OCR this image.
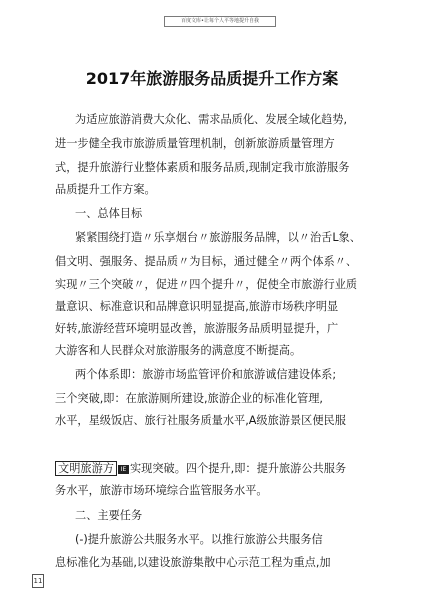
百度文库•让每个人平等地提升自我
2017年旅游服务品质提升工作方案
为适应旅游消费大众化、需求品质化、发展全域化趋势,
进一步健全我市旅游质量管理机制，创新旅游质量管理方
式，提升旅游行业整体素质和服务品质,现制定我市旅游服务
品质提升工作方案。
一、总体目标
紧紧围绕打造〃乐享烟台〃旅游服务品牌，以〃治舌L象、
倡文明、强服务、提品质〃为目标，通过健全〃两个体系〃、
实现〃三个突破〃，促进〃四个提升〃，促使全市旅游行业质
量意识、标准意识和品牌意识明显提高,旅游市场秩序明显
好转,旅游经营环境明显改善，旅游服务品质明显提升，广
大游客和人民群众对旅游服务的满意度不断提高。
两个体系即：旅游市场监管评价和旅游诚信建设体系;
三个突破,即：在旅游厕所建设,旅游企业的标准化管理,
水平，星级饭店、旅行社服务质量水平,A级旅游景区便民服
文明旅游方 IE 实现突破。四个提升,即：提升旅游公共服务
务水平，旅游市场环境综合监管服务水平。
二、主要任务
(-)提升旅游公共服务水平。以推行旅游公共服务信
息标准化为基础,以建设旅游集散中心示范工程为重点,加
11
